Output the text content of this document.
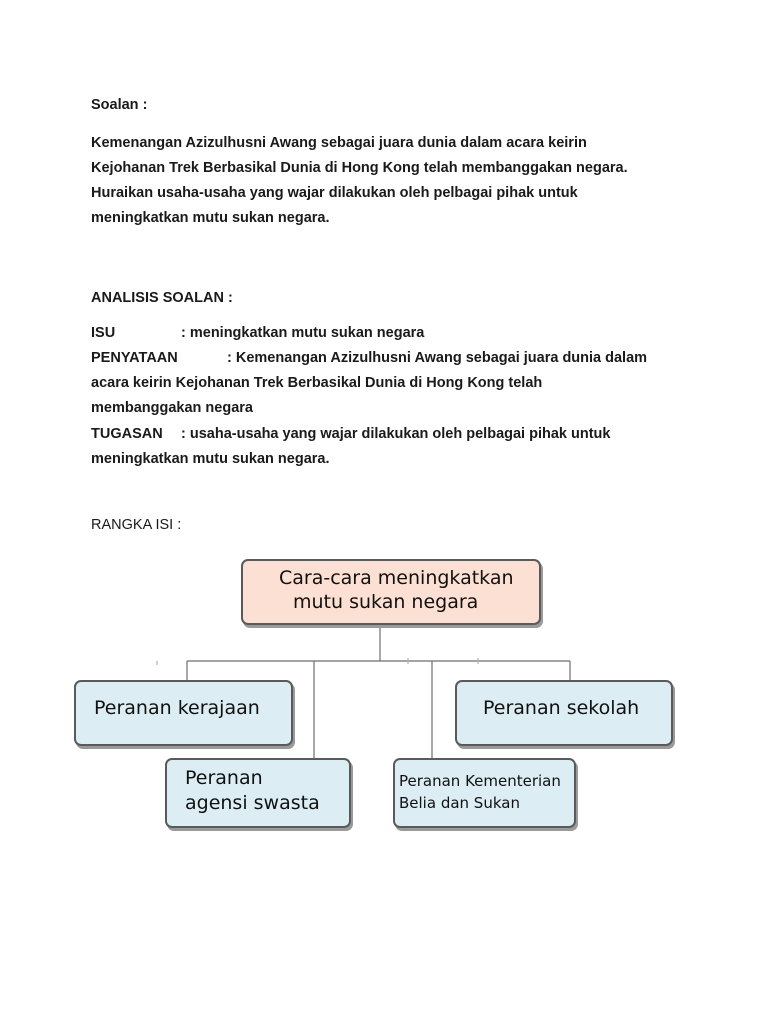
Soalan :
Kemenangan Azizulhusni Awang sebagai juara dunia dalam acara keirin
Kejohanan Trek Berbasikal Dunia di Hong Kong telah membanggakan negara.
Huraikan usaha-usaha yang wajar dilakukan oleh pelbagai pihak untuk
meningkatkan mutu sukan negara.
ANALISIS SOALAN :
ISU	: meningkatkan mutu sukan negara
PENYATAAN	: Kemenangan Azizulhusni Awang sebagai juara dunia dalam
acara keirin Kejohanan Trek Berbasikal Dunia di Hong Kong telah
membanggakan negara
TUGASAN : usaha-usaha yang wajar dilakukan oleh pelbagai pihak untuk
meningkatkan mutu sukan negara.
RANGKA ISI :
Cara-cara meningkatkan
mutu sukan negara
Peranan kerajaan	Peranan sekolah
Peranan
agensi swasta
Peranan Kementerian
Belia dan Sukan
